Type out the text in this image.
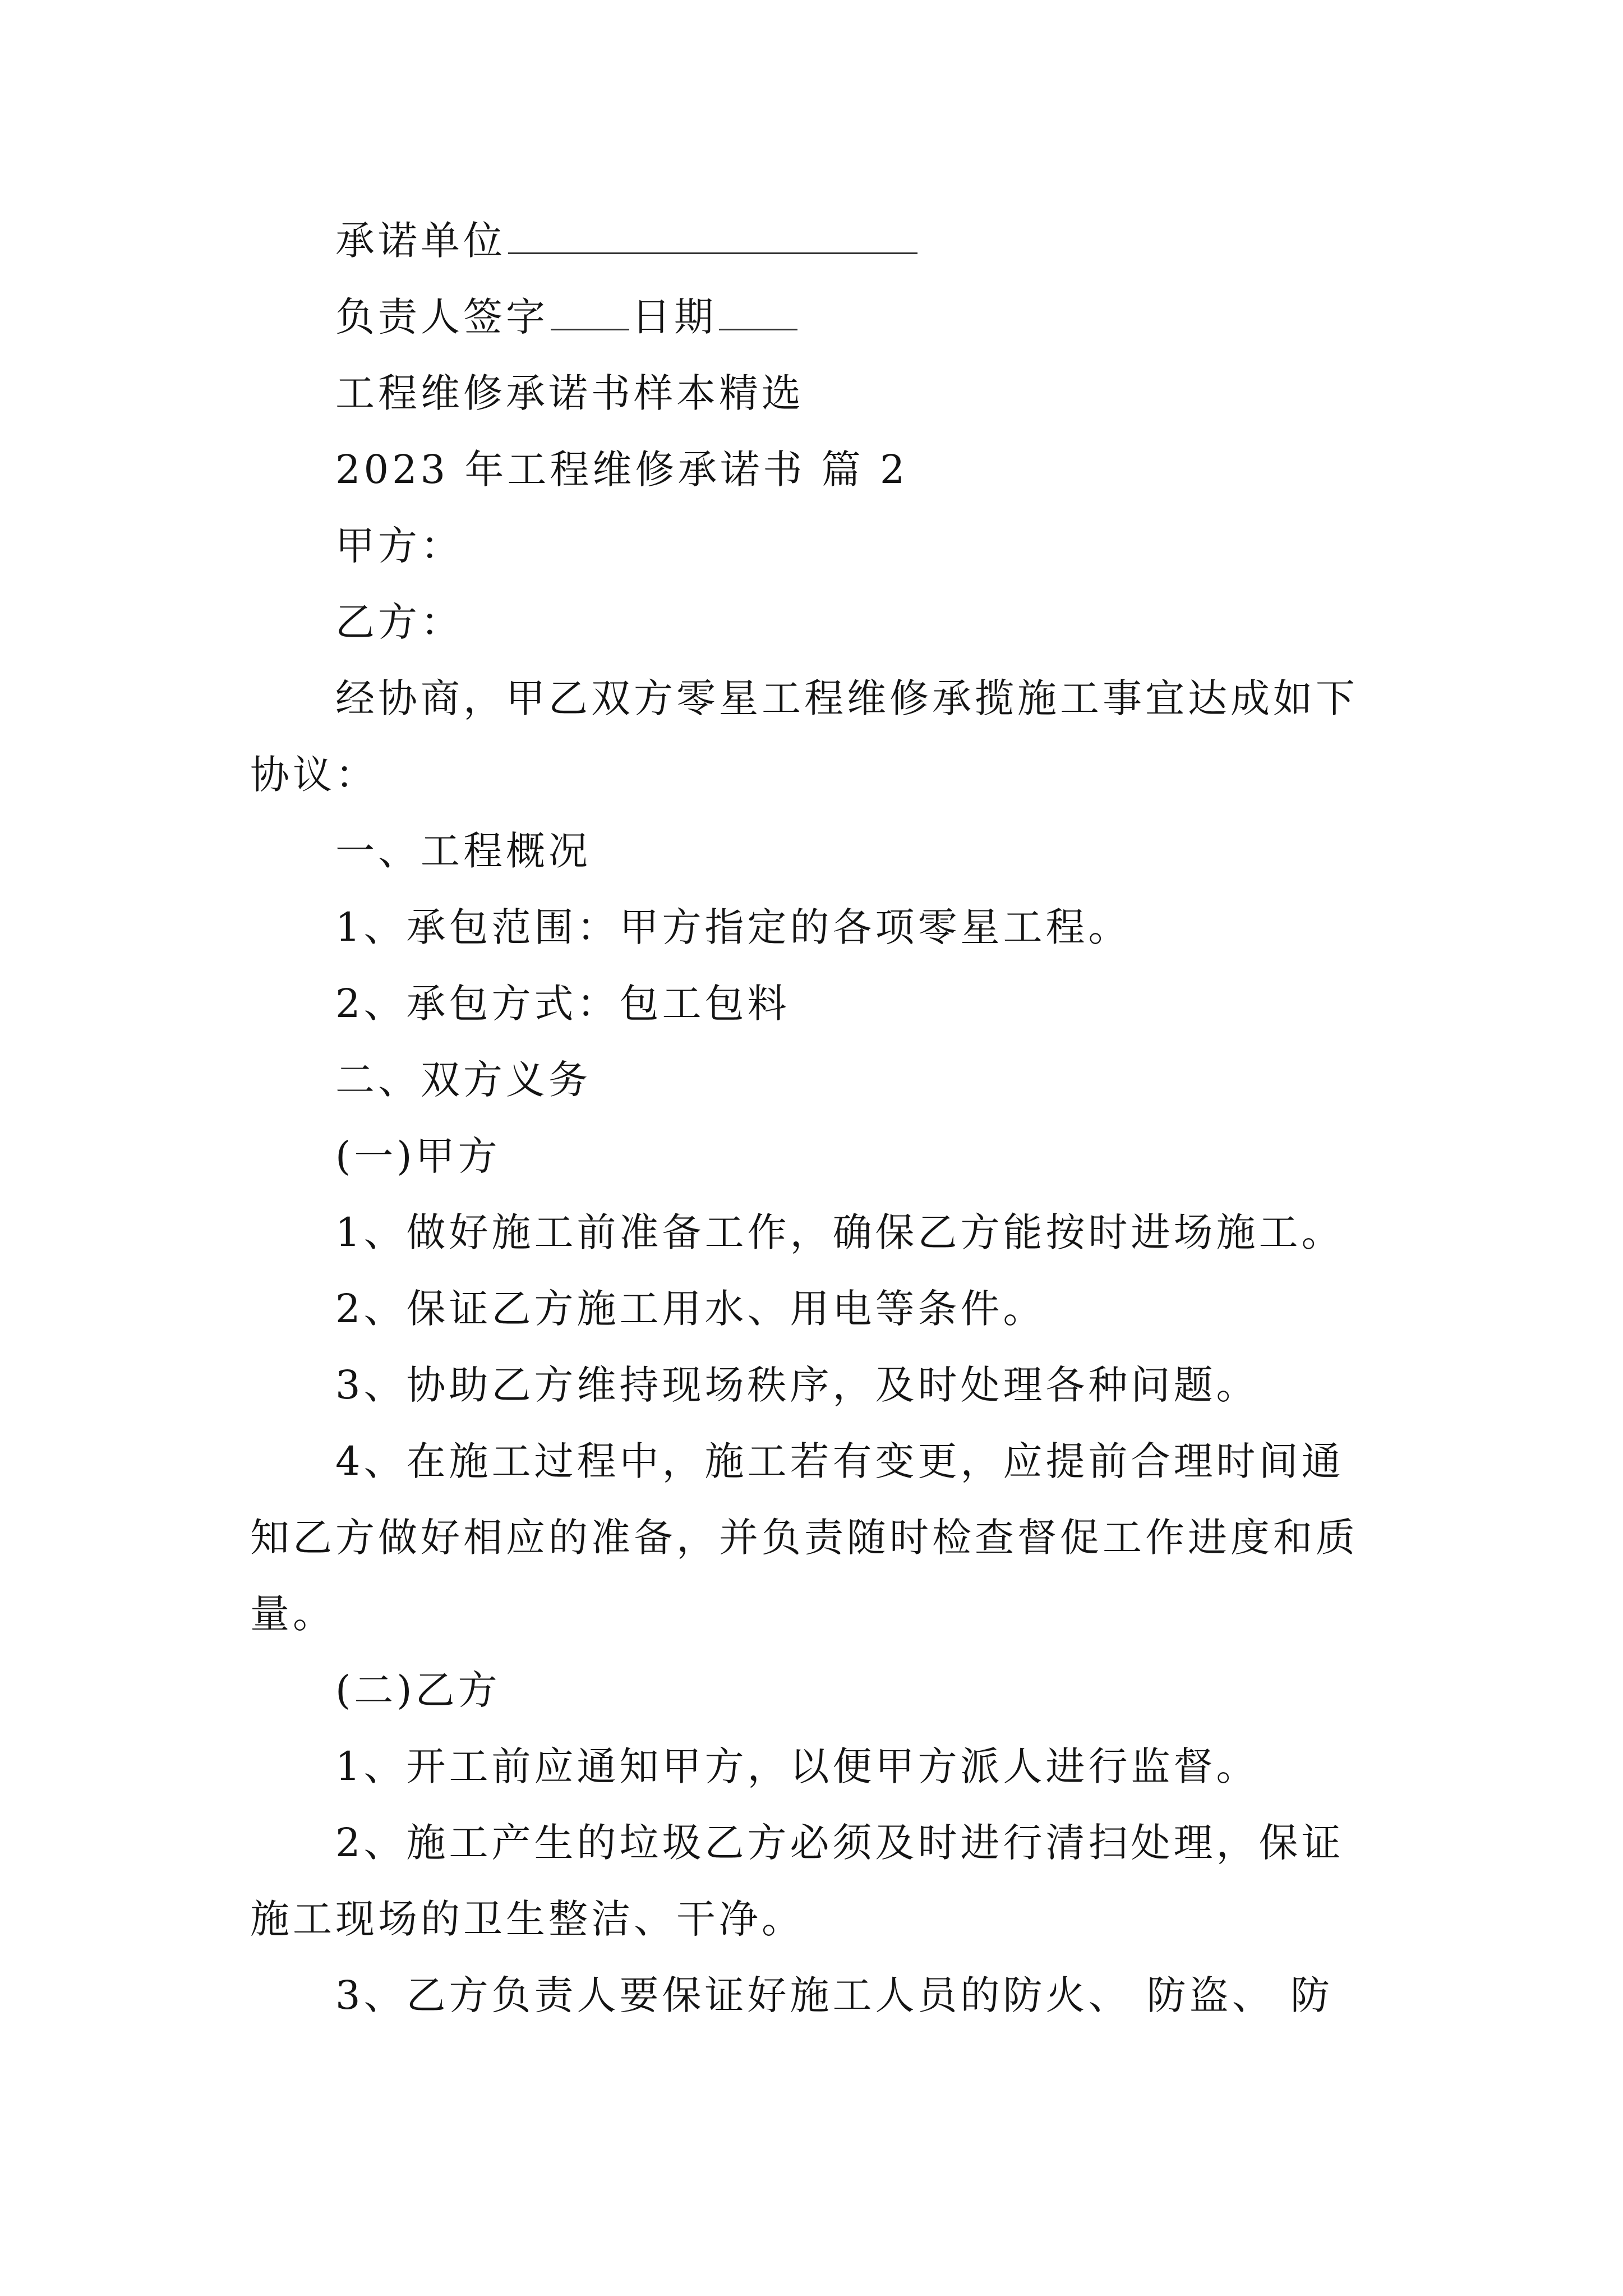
承诺单位
负责人签字 日期
工程维修承诺书样本精选
2023 年工程维修承诺书 篇 2
甲方：
乙方：
经协商，甲乙双方零星工程维修承揽施工事宜达成如下
协议：
一、工程概况
1、承包范围：甲方指定的各项零星工程。
2、承包方式：包工包料
二、双方义务
(一)甲方
1、做好施工前准备工作，确保乙方能按时进场施工。
2、保证乙方施工用水、用电等条件。
3、协助乙方维持现场秩序，及时处理各种问题。
4、在施工过程中，施工若有变更，应提前合理时间通
知乙方做好相应的准备，并负责随时检查督促工作进度和质
量。
(二)乙方
1、开工前应通知甲方，以便甲方派人进行监督。
2、施工产生的垃圾乙方必须及时进行清扫处理，保证
施工现场的卫生整洁、干净。
3、乙方负责人要保证好施工人员的防火、 防盗、 防
